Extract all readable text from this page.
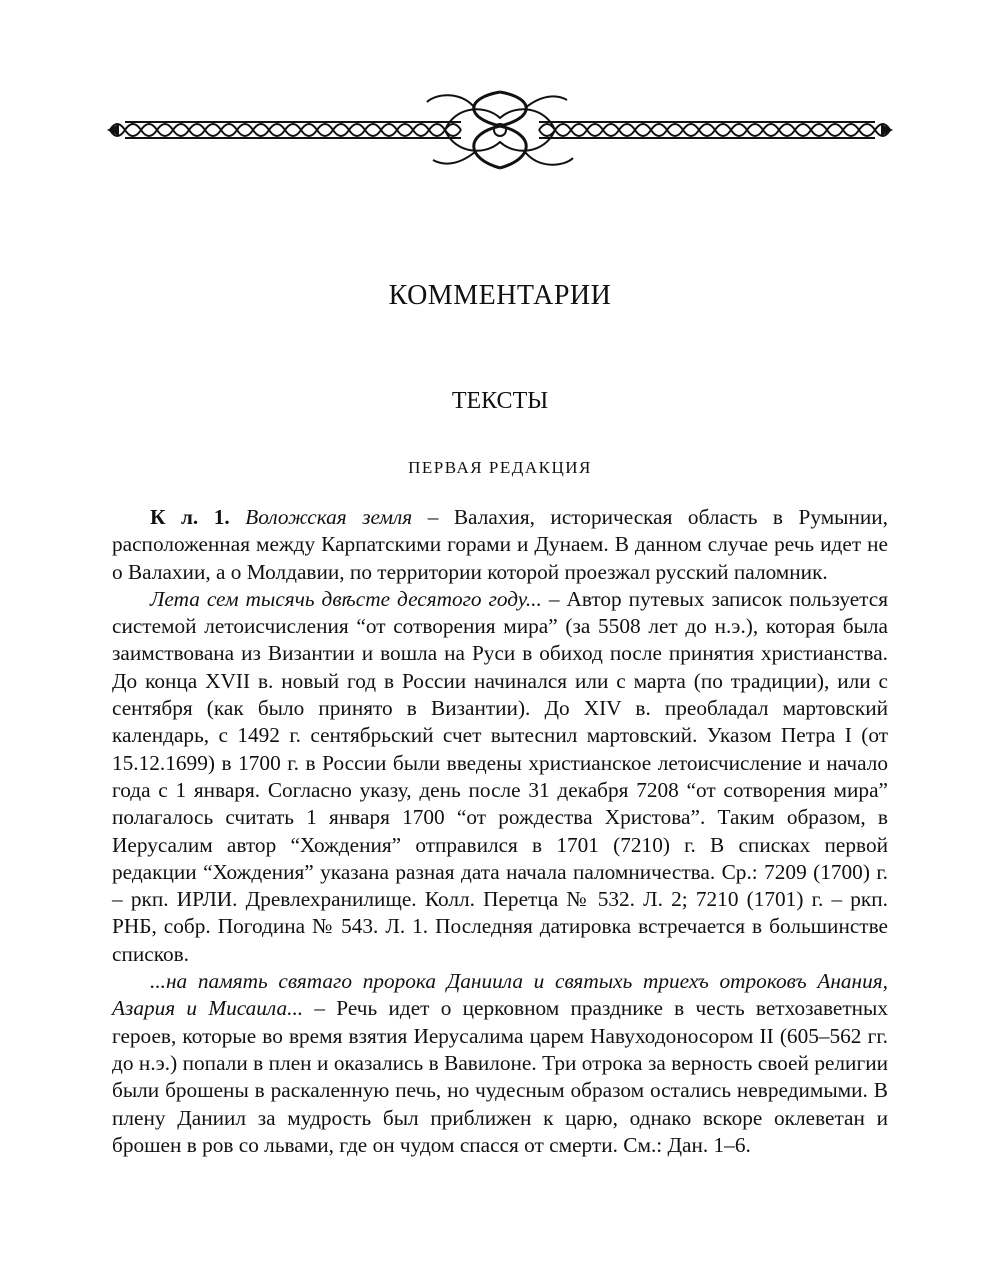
КОММЕНТАРИИ
ТЕКСТЫ
ПЕРВАЯ РЕДАКЦИЯ

К л. 1. Воложская земля – Валахия, историческая область в Румынии, расположенная между Карпатскими горами и Дунаем. В данном случае речь идет не о Валахии, а о Молдавии, по территории которой проезжал русский паломник.

Лета сем тысячь двѣсте десятого году... – Автор путевых записок пользуется системой летоисчисления “от сотворения мира” (за 5508 лет до н.э.), которая была заимствована из Византии и вошла на Руси в обиход после принятия христианства. До конца XVII в. новый год в России начинался или с марта (по традиции), или с сентября (как было принято в Византии). До XIV в. преобладал мартовский календарь, с 1492 г. сентябрьский счет вытеснил мартовский. Указом Петра I (от 15.12.1699) в 1700 г. в России были введены христианское летоисчисление и начало года с 1 января. Согласно указу, день после 31 декабря 7208 “от сотворения мира” полагалось считать 1 января 1700 “от рождества Христова”. Таким образом, в Иерусалим автор “Хождения” отправился в 1701 (7210) г. В списках первой редакции “Хождения” указана разная дата начала паломничества. Ср.: 7209 (1700) г. – ркп. ИРЛИ. Древлехранилище. Колл. Перетца № 532. Л. 2; 7210 (1701) г. – ркп. РНБ, собр. Погодина № 543. Л. 1. Последняя датировка встречается в большинстве списков.

...на память святаго пророка Даниила и святыхь триехъ отроковъ Анания, Азария и Мисаила... – Речь идет о церковном празднике в честь ветхозаветных героев, которые во время взятия Иерусалима царем Навуходоносором II (605–562 гг. до н.э.) попали в плен и оказались в Вавилоне. Три отрока за верность своей религии были брошены в раскаленную печь, но чудесным образом остались невредимыми. В плену Даниил за мудрость был приближен к царю, однако вскоре оклеветан и брошен в ров со львами, где он чудом спасся от смерти. См.: Дан. 1–6.
